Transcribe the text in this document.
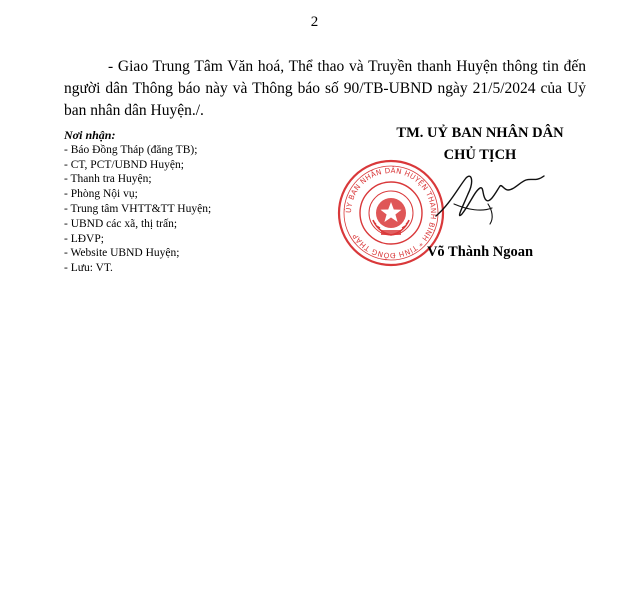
2

- Giao Trung Tâm Văn hoá, Thể thao và Truyền thanh Huyện thông tin đến người dân Thông báo này và Thông báo số 90/TB-UBND ngày 21/5/2024 của Uỷ ban nhân dân Huyện./.

Nơi nhận:
- Báo Đồng Tháp (đăng TB);
- CT, PCT/UBND Huyện;
- Thanh tra Huyện;
- Phòng Nội vụ;
- Trung tâm VHTT&TT Huyện;
- UBND các xã, thị trấn;
- LĐVP;
- Website UBND Huyện;
- Lưu: VT.
TM. UỶ BAN NHÂN DÂN
CHỦ TỊCH
ỦY BAN NHÂN DÂN HUYỆN THANH BÌNH * TỈNH ĐỒNG THÁP
Võ Thành Ngoan
